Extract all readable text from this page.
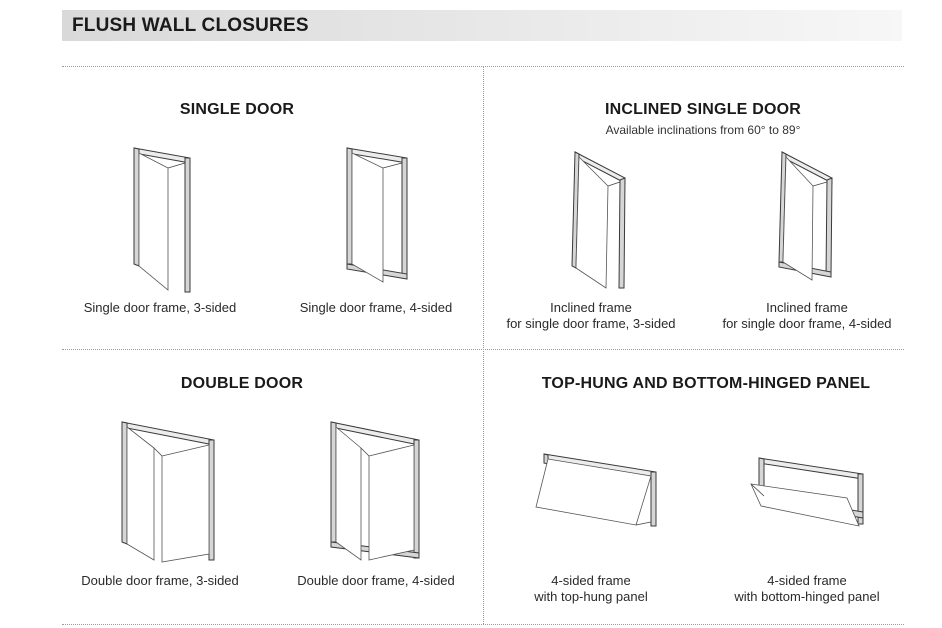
FLUSH WALL CLOSURES
SINGLE DOOR
Single door frame, 3-sided	Single door frame, 4-sided
INCLINED SINGLE DOOR
Available inclinations from 60° to 89°
Inclined frame
for single door frame, 3-sided
Inclined frame
for single door frame, 4-sided
DOUBLE DOOR
Double door frame, 3-sided	Double door frame, 4-sided
TOP-HUNG AND BOTTOM-HINGED PANEL
4-sided frame
with top-hung panel
4-sided frame
with bottom-hinged panel
